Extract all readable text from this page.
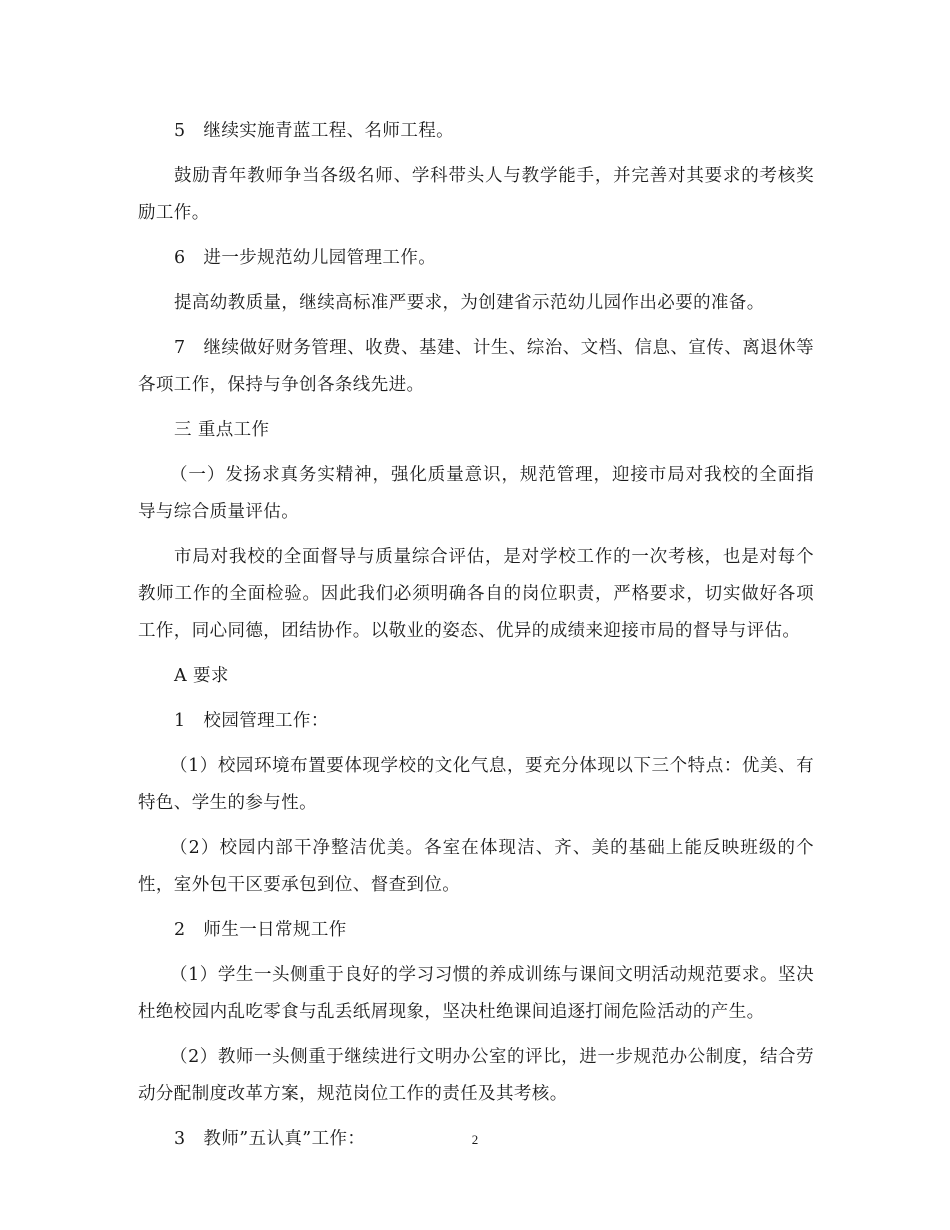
5　继续实施青蓝工程、名师工程。

鼓励青年教师争当各级名师、学科带头人与教学能手，并完善对其要求的考核奖励工作。

6　进一步规范幼儿园管理工作。

提高幼教质量，继续高标准严要求，为创建省示范幼儿园作出必要的准备。

7　继续做好财务管理、收费、基建、计生、综治、文档、信息、宣传、离退休等各项工作，保持与争创各条线先进。

三 重点工作

（一）发扬求真务实精神，强化质量意识，规范管理，迎接市局对我校的全面指导与综合质量评估。

市局对我校的全面督导与质量综合评估，是对学校工作的一次考核，也是对每个教师工作的全面检验。因此我们必须明确各自的岗位职责，严格要求，切实做好各项工作，同心同德，团结协作。以敬业的姿态、优异的成绩来迎接市局的督导与评估。

A 要求

1　校园管理工作：

（1）校园环境布置要体现学校的文化气息，要充分体现以下三个特点：优美、有特色、学生的参与性。

（2）校园内部干净整洁优美。各室在体现洁、齐、美的基础上能反映班级的个性，室外包干区要承包到位、督查到位。

2　师生一日常规工作

（1）学生一头侧重于良好的学习习惯的养成训练与课间文明活动规范要求。坚决杜绝校园内乱吃零食与乱丢纸屑现象，坚决杜绝课间追逐打闹危险活动的产生。

（2）教师一头侧重于继续进行文明办公室的评比，进一步规范办公制度，结合劳动分配制度改革方案，规范岗位工作的责任及其考核。

3　教师”五认真”工作：	2
